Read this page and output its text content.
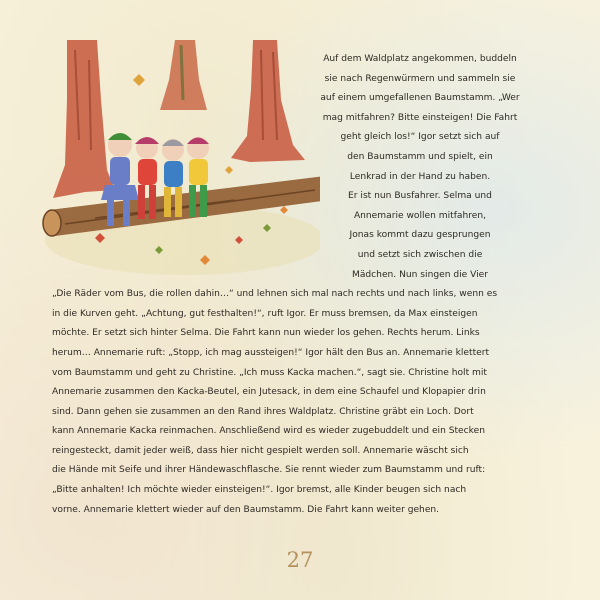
Auf dem Waldplatz angekommen, buddeln
sie nach Regenwürmern und sammeln sie
auf einem umgefallenen Baumstamm. „Wer
mag mitfahren? Bitte einsteigen! Die Fahrt
geht gleich los!“ Igor setzt sich auf
den Baumstamm und spielt, ein
Lenkrad in der Hand zu haben.
Er ist nun Busfahrer. Selma und
Annemarie wollen mitfahren,
Jonas kommt dazu gesprungen
und setzt sich zwischen die
Mädchen. Nun singen die Vier
„Die Räder vom Bus, die rollen dahin…“ und lehnen sich mal nach rechts und nach links, wenn es
in die Kurven geht. „Achtung, gut festhalten!“, ruft Igor. Er muss bremsen, da Max einsteigen
möchte. Er setzt sich hinter Selma. Die Fahrt kann nun wieder los gehen. Rechts herum. Links
herum… Annemarie ruft: „Stopp, ich mag aussteigen!“ Igor hält den Bus an. Annemarie klettert
vom Baumstamm und geht zu Christine. „Ich muss Kacka machen.“, sagt sie. Christine holt mit
Annemarie zusammen den Kacka-Beutel, ein Jutesack, in dem eine Schaufel und Klopapier drin
sind. Dann gehen sie zusammen an den Rand ihres Waldplatz. Christine gräbt ein Loch. Dort
kann Annemarie Kacka reinmachen. Anschließend wird es wieder zugebuddelt und ein Stecken
reingesteckt, damit jeder weiß, dass hier nicht gespielt werden soll. Annemarie wäscht sich
die Hände mit Seife und ihrer Händewaschflasche. Sie rennt wieder zum Baumstamm und ruft:
„Bitte anhalten! Ich möchte wieder einsteigen!“. Igor bremst, alle Kinder beugen sich nach
vorne. Annemarie klettert wieder auf den Baumstamm. Die Fahrt kann weiter gehen.
27
